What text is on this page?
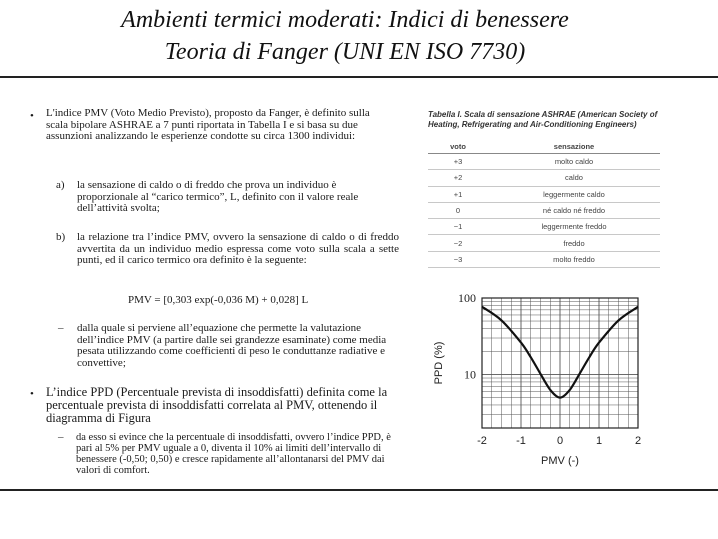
Ambienti termici moderati: Indici di benessere
Teoria di Fanger (UNI EN ISO 7730)
• L'indice PMV (Voto Medio Previsto), proposto da Fanger, è definito sulla scala bipolare ASHRAE a 7 punti riportata in Tabella I e si basa su due assunzioni analizzando le esperienze condotte su circa 1300 individui:
a) la sensazione di caldo o di freddo che prova un individuo è proporzionale al “carico termico”, L, definito con il valore reale dell’attività svolta;
b) la relazione tra l’indice PMV, ovvero la sensazione di caldo o di freddo avvertita da un individuo medio espressa come voto sulla scala a sette punti, ed il carico termico ora definito è la seguente:
PMV = [0,303 exp(-0,036 M) + 0,028] L
– dalla quale si perviene all’equazione che permette la valutazione dell’indice PMV (a partire dalle sei grandezze esaminate) come media pesata utilizzando come coefficienti di peso le conduttanze radiative e convettive;
• L’indice PPD (Percentuale prevista di insoddisfatti) definita come la percentuale prevista di insoddisfatti correlata al PMV, ottenendo il diagramma di Figura
– da esso si evince che la percentuale di insoddisfatti, ovvero l’indice PPD, è pari al 5% per PMV uguale a 0, diventa il 10% ai limiti dell’intervallo di benessere (-0,50; 0,50) e cresce rapidamente all’allontanarsi del PMV dai valori di comfort.
Tabella I. Scala di sensazione ASHRAE (American Society of Heating, Refrigerating and Air-Conditioning Engineers)
voto	sensazione
+3	molto caldo
+2	caldo
+1	leggermente caldo
0	né caldo né freddo
−1	leggermente freddo
−2	freddo
−3	molto freddo
-2	-1	0	1	2
100
10
PMV (-)
PPD (%)
